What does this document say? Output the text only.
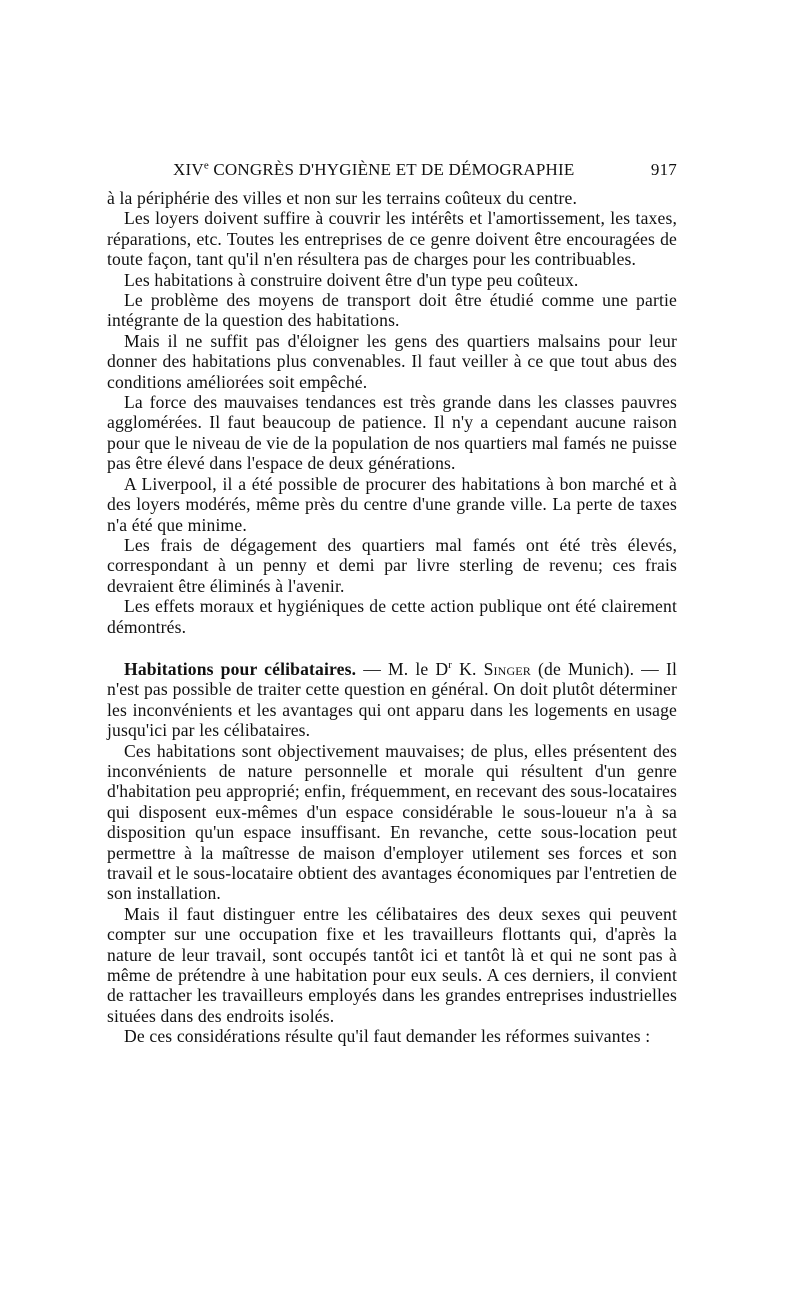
XIVe CONGRÈS D'HYGIÈNE ET DE DÉMOGRAPHIE	917

à la périphérie des villes et non sur les terrains coûteux du centre.

Les loyers doivent suffire à couvrir les intérêts et l'amortissement, les taxes, réparations, etc. Toutes les entreprises de ce genre doivent être encouragées de toute façon, tant qu'il n'en résultera pas de charges pour les contribuables.

Les habitations à construire doivent être d'un type peu coûteux.

Le problème des moyens de transport doit être étudié comme une partie intégrante de la question des habitations.

Mais il ne suffit pas d'éloigner les gens des quartiers malsains pour leur donner des habitations plus convenables. Il faut veiller à ce que tout abus des conditions améliorées soit empêché.

La force des mauvaises tendances est très grande dans les classes pauvres agglomérées. Il faut beaucoup de patience. Il n'y a cependant aucune raison pour que le niveau de vie de la population de nos quartiers mal famés ne puisse pas être élevé dans l'espace de deux générations.

A Liverpool, il a été possible de procurer des habitations à bon marché et à des loyers modérés, même près du centre d'une grande ville. La perte de taxes n'a été que minime.

Les frais de dégagement des quartiers mal famés ont été très élevés, correspondant à un penny et demi par livre sterling de revenu; ces frais devraient être éliminés à l'avenir.

Les effets moraux et hygiéniques de cette action publique ont été clairement démontrés.

Habitations pour célibataires. — M. le $D^r$ K. Singer (de Munich). — Il n'est pas possible de traiter cette question en général. On doit plutôt déterminer les inconvénients et les avantages qui ont apparu dans les logements en usage jusqu'ici par les célibataires.

Ces habitations sont objectivement mauvaises; de plus, elles présentent des inconvénients de nature personnelle et morale qui résultent d'un genre d'habitation peu approprié; enfin, fréquemment, en recevant des sous-locataires qui disposent eux-mêmes d'un espace considérable le sous-loueur n'a à sa disposition qu'un espace insuffisant. En revanche, cette sous-location peut permettre à la maîtresse de maison d'employer utilement ses forces et son travail et le sous-locataire obtient des avantages économiques par l'entretien de son installation.

Mais il faut distinguer entre les célibataires des deux sexes qui peuvent compter sur une occupation fixe et les travailleurs flottants qui, d'après la nature de leur travail, sont occupés tantôt ici et tantôt là et qui ne sont pas à même de prétendre à une habitation pour eux seuls. A ces derniers, il convient de rattacher les travailleurs employés dans les grandes entreprises industrielles situées dans des endroits isolés.

De ces considérations résulte qu'il faut demander les réformes suivantes :
